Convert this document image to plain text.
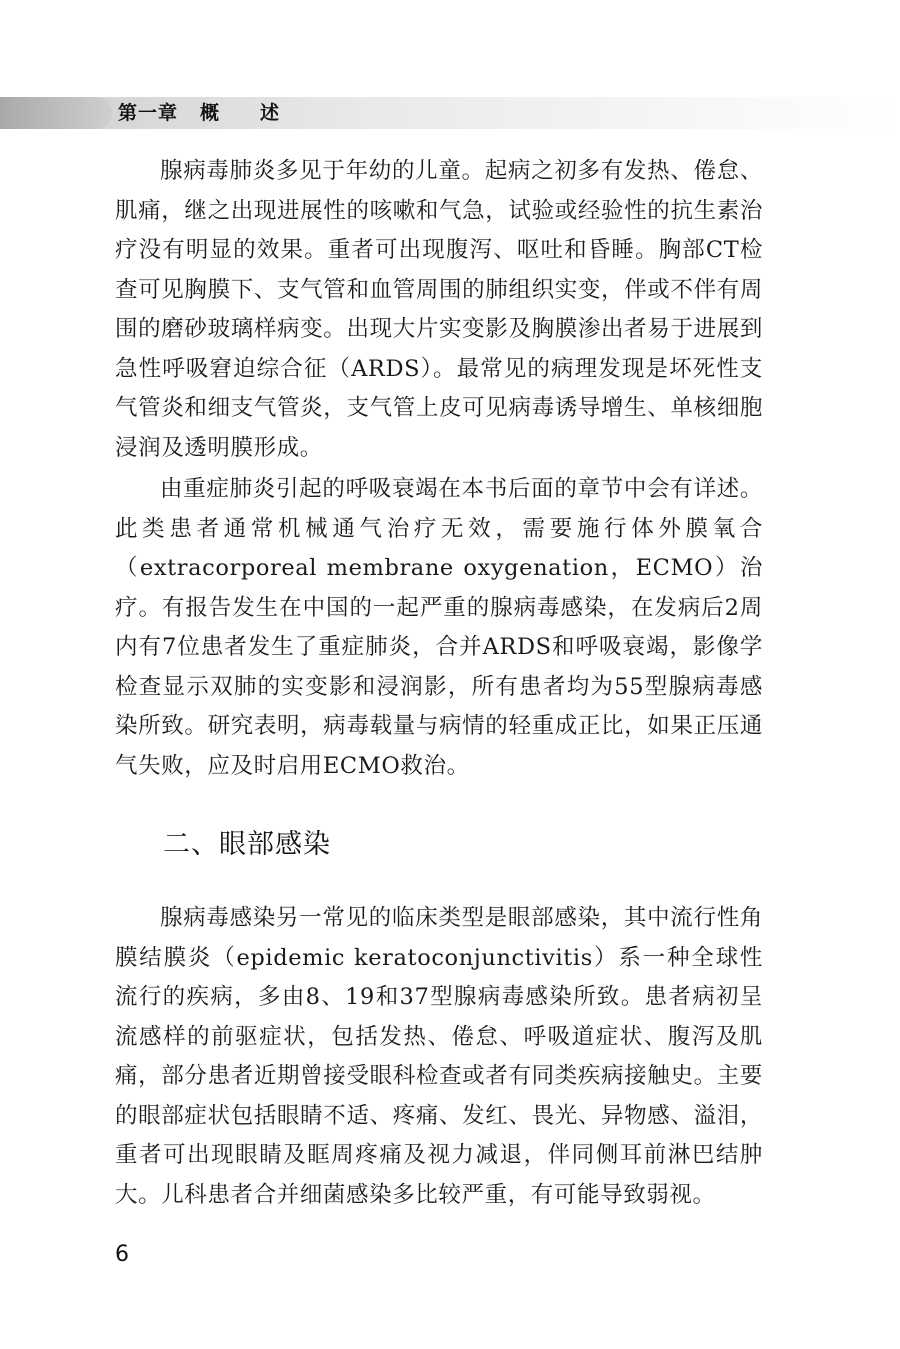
第一章 概 述

腺病毒肺炎多见于年幼的儿童。起病之初多有发热、倦怠、肌痛，继之出现进展性的咳嗽和气急，试验或经验性的抗生素治疗没有明显的效果。重者可出现腹泻、呕吐和昏睡。胸部CT检查可见胸膜下、支气管和血管周围的肺组织实变，伴或不伴有周围的磨砂玻璃样病变。出现大片实变影及胸膜渗出者易于进展到急性呼吸窘迫综合征（ARDS）。最常见的病理发现是坏死性支气管炎和细支气管炎，支气管上皮可见病毒诱导增生、单核细胞浸润及透明膜形成。

由重症肺炎引起的呼吸衰竭在本书后面的章节中会有详述。此类患者通常机械通气治疗无效，需要施行体外膜氧合（extracorporeal membrane oxygenation，ECMO）治疗。有报告发生在中国的一起严重的腺病毒感染，在发病后2周内有7位患者发生了重症肺炎，合并ARDS和呼吸衰竭，影像学检查显示双肺的实变影和浸润影，所有患者均为55型腺病毒感染所致。研究表明，病毒载量与病情的轻重成正比，如果正压通气失败，应及时启用ECMO救治。

二、眼部感染

腺病毒感染另一常见的临床类型是眼部感染，其中流行性角膜结膜炎（epidemic keratoconjunctivitis）系一种全球性流行的疾病，多由8、19和37型腺病毒感染所致。患者病初呈流感样的前驱症状，包括发热、倦怠、呼吸道症状、腹泻及肌痛，部分患者近期曾接受眼科检查或者有同类疾病接触史。主要的眼部症状包括眼睛不适、疼痛、发红、畏光、异物感、溢泪，重者可出现眼睛及眶周疼痛及视力减退，伴同侧耳前淋巴结肿大。儿科患者合并细菌感染多比较严重，有可能导致弱视。

6
